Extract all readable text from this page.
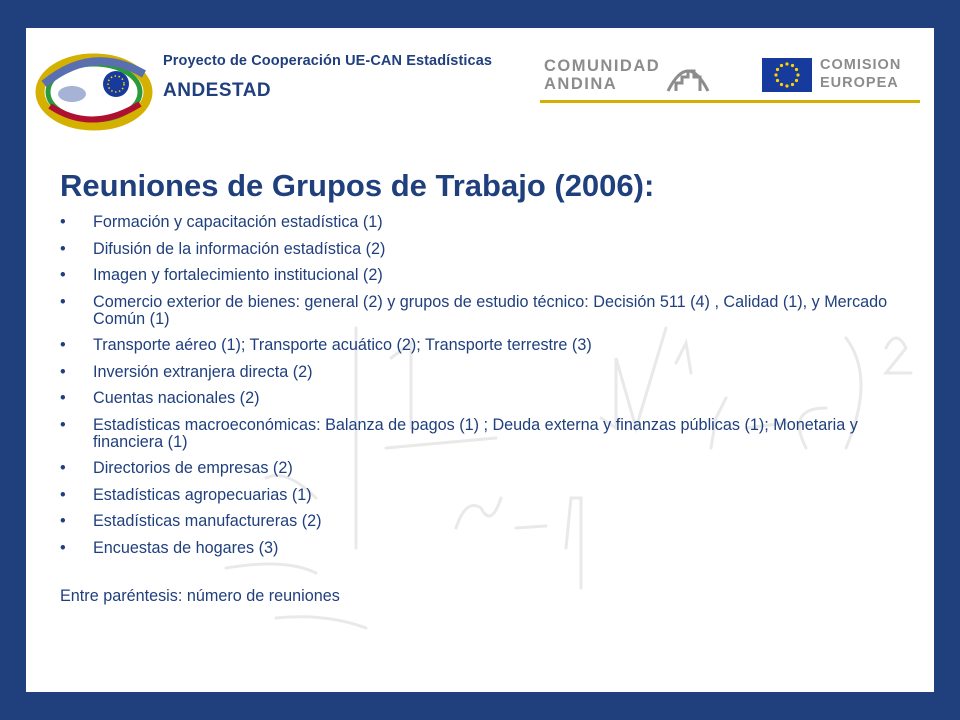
Proyecto de Cooperación UE-CAN Estadísticas
ANDESTAD
COMUNIDAD
ANDINA
COMISION
EUROPEA
Reuniones de Grupos de Trabajo (2006):
• Formación y capacitación estadística (1)
• Difusión de la información estadística (2)
• Imagen y fortalecimiento institucional (2)
• Comercio exterior de bienes: general (2) y grupos de estudio técnico: Decisión 511 (4) , Calidad (1), y Mercado Común (1)
• Transporte aéreo (1); Transporte acuático (2); Transporte terrestre (3)
• Inversión extranjera directa (2)
• Cuentas nacionales (2)
• Estadísticas macroeconómicas: Balanza de pagos (1) ; Deuda externa y finanzas públicas (1); Monetaria y financiera (1)
• Directorios de empresas (2)
• Estadísticas agropecuarias (1)
• Estadísticas manufactureras (2)
• Encuestas de hogares (3)
Entre paréntesis: número de reuniones
